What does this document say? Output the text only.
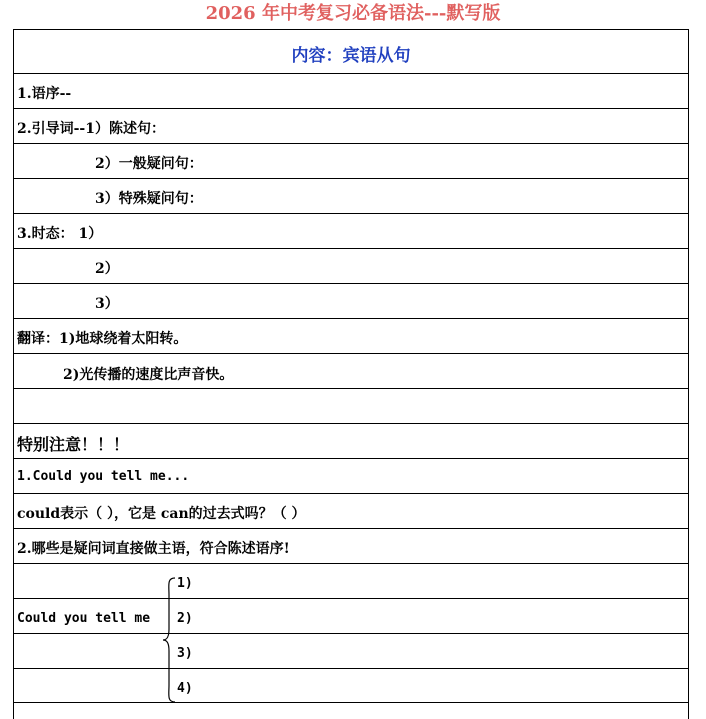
2026 年中考复习必备语法---默写版
内容：宾语从句
1.语序--
2.引导词--1）陈述句：
2）一般疑问句：
3）特殊疑问句：
3.时态： 1）
2）
3）
翻译：1)地球绕着太阳转。
2)光传播的速度比声音快。
特别注意！！！
1.Could you tell me...
could表示（ ），它是 can的过去式吗？（ ）
2.哪些是疑问词直接做主语，符合陈述语序!
Could you tell me
1)
2)
3)
4)
